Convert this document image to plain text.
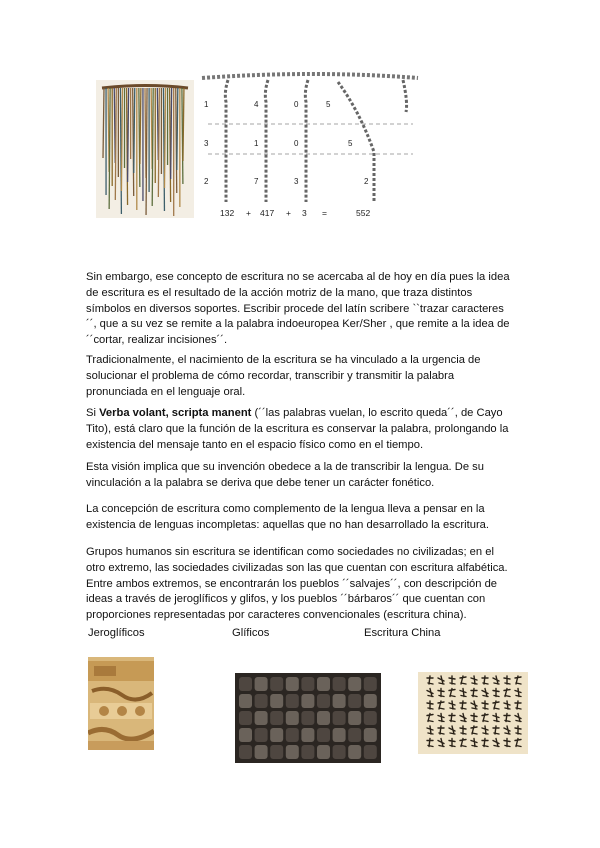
1	4	0	5
3	1	0	5
2	7	3	2
132 + 417 + 3 =	552

Sin embargo, ese concepto de escritura no se acercaba al de hoy en día pues la idea de escritura es el resultado de la acción motriz de la mano, que traza distintos símbolos en diversos soportes. Escribir procede del latín scribere ``trazar caracteres´´, que a su vez se remite a la palabra indoeuropea Ker/Sher , que remite a la idea de ´´cortar, realizar incisiones´´.

Tradicionalmente, el nacimiento de la escritura se ha vinculado a la urgencia de solucionar el problema de cómo recordar, transcribir y transmitir la palabra pronunciada en el lenguaje oral.

Si Verba volant, scripta manent (´´las palabras vuelan, lo escrito queda´´, de Cayo Tito), está claro que la función de la escritura es conservar la palabra, prolongando la existencia del mensaje tanto en el espacio físico como en el tiempo.

Esta visión implica que su invención obedece a la de transcribir la lengua. De su vinculación a la palabra se deriva que debe tener un carácter fonético.

La concepción de escritura como complemento de la lengua lleva a pensar en la existencia de lenguas incompletas: aquellas que no han desarrollado la escritura.

Grupos humanos sin escritura se identifican como sociedades no civilizadas; en el otro extremo, las sociedades civilizadas son las que cuentan con escritura alfabética. Entre ambos extremos, se encontrarán los pueblos ´´salvajes´´, con descripción de ideas a través de jeroglíficos y glifos, y los pueblos ´´bárbaros´´ que cuentan con proporciones representadas por caracteres convencionales (escritura china).

Jeroglíficos	Glíficos	Escritura China
